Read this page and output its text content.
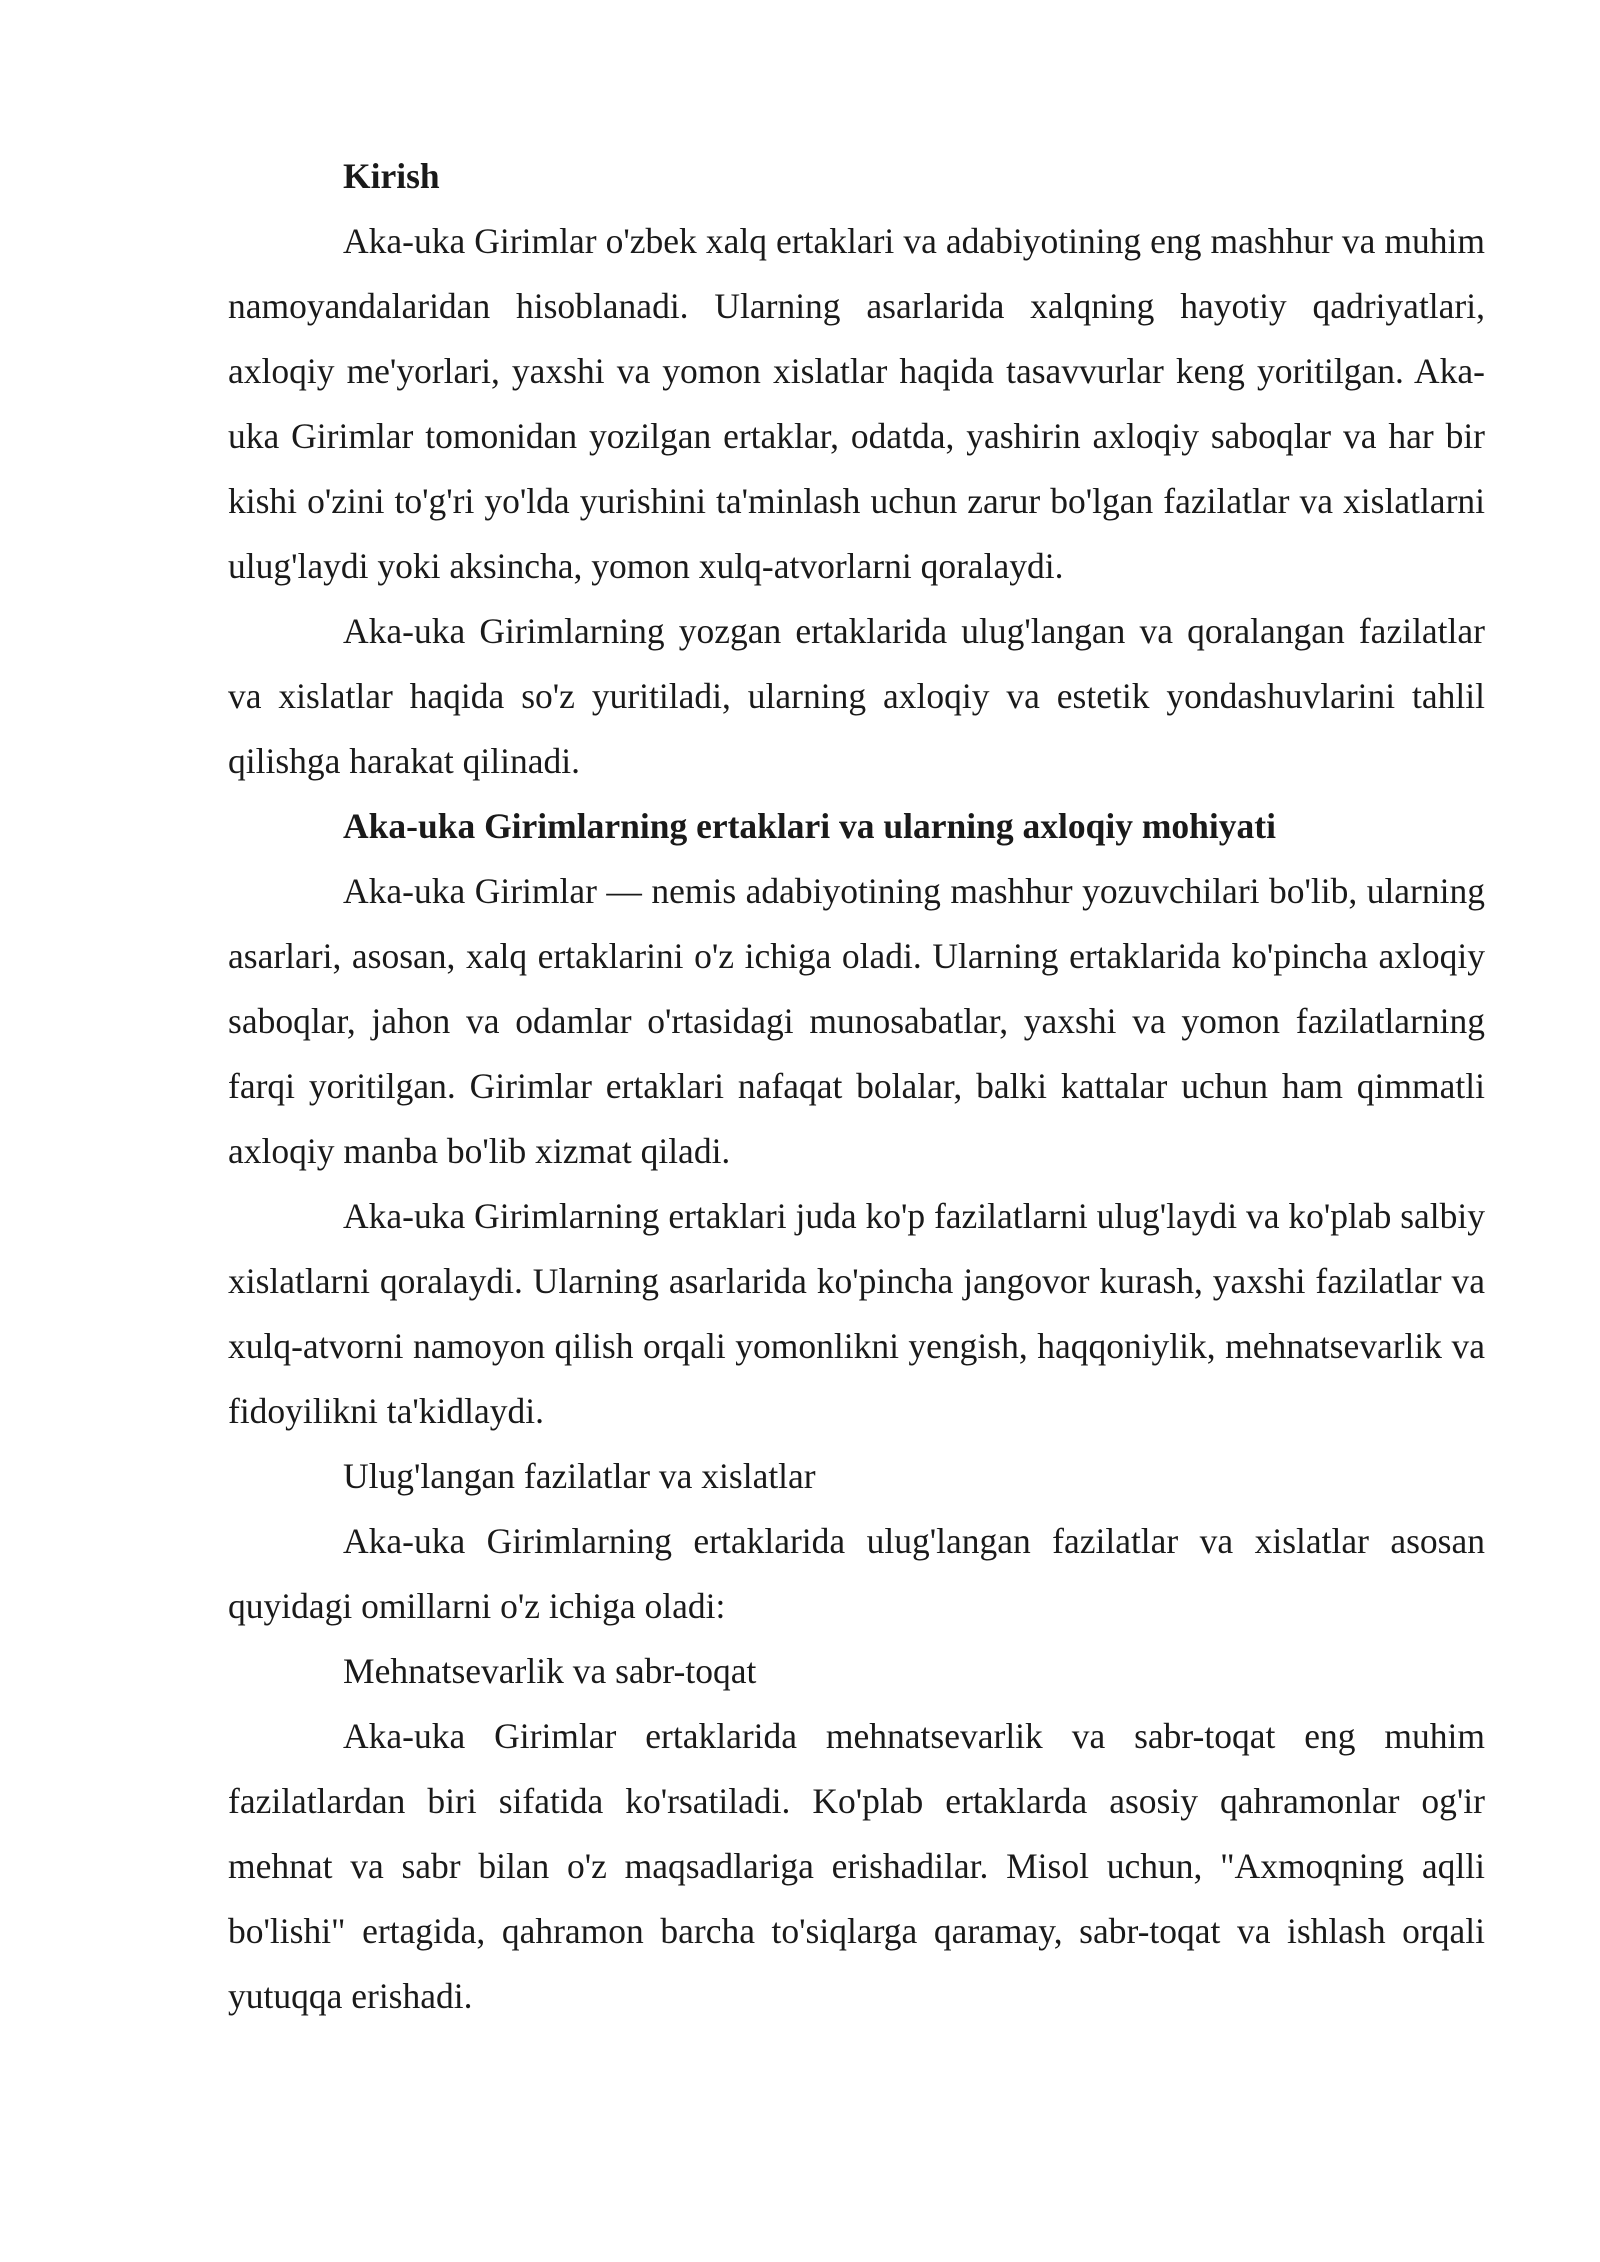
Kirish

Aka-uka Girimlar o'zbek xalq ertaklari va adabiyotining eng mashhur va muhim namoyandalaridan hisoblanadi. Ularning asarlarida xalqning hayotiy qadriyatlari, axloqiy me'yorlari, yaxshi va yomon xislatlar haqida tasavvurlar keng yoritilgan. Aka-uka Girimlar tomonidan yozilgan ertaklar, odatda, yashirin axloqiy saboqlar va har bir kishi o'zini to'g'ri yo'lda yurishini ta'minlash uchun zarur bo'lgan fazilatlar va xislatlarni ulug'laydi yoki aksincha, yomon xulq-atvorlarni qoralaydi.

Aka-uka Girimlarning yozgan ertaklarida ulug'langan va qoralangan fazilatlar va xislatlar haqida so'z yuritiladi, ularning axloqiy va estetik yondashuvlarini tahlil qilishga harakat qilinadi.

Aka-uka Girimlarning ertaklari va ularning axloqiy mohiyati

Aka-uka Girimlar — nemis adabiyotining mashhur yozuvchilari bo'lib, ularning asarlari, asosan, xalq ertaklarini o'z ichiga oladi. Ularning ertaklarida ko'pincha axloqiy saboqlar, jahon va odamlar o'rtasidagi munosabatlar, yaxshi va yomon fazilatlarning farqi yoritilgan. Girimlar ertaklari nafaqat bolalar, balki kattalar uchun ham qimmatli axloqiy manba bo'lib xizmat qiladi.

Aka-uka Girimlarning ertaklari juda ko'p fazilatlarni ulug'laydi va ko'plab salbiy xislatlarni qoralaydi. Ularning asarlarida ko'pincha jangovor kurash, yaxshi fazilatlar va xulq-atvorni namoyon qilish orqali yomonlikni yengish, haqqoniylik, mehnatsevarlik va fidoyilikni ta'kidlaydi.

Ulug'langan fazilatlar va xislatlar

Aka-uka Girimlarning ertaklarida ulug'langan fazilatlar va xislatlar asosan quyidagi omillarni o'z ichiga oladi:

Mehnatsevarlik va sabr-toqat

Aka-uka Girimlar ertaklarida mehnatsevarlik va sabr-toqat eng muhim fazilatlardan biri sifatida ko'rsatiladi. Ko'plab ertaklarda asosiy qahramonlar og'ir mehnat va sabr bilan o'z maqsadlariga erishadilar. Misol uchun, "Axmoqning aqlli bo'lishi" ertagida, qahramon barcha to'siqlarga qaramay, sabr-toqat va ishlash orqali yutuqqa erishadi.
